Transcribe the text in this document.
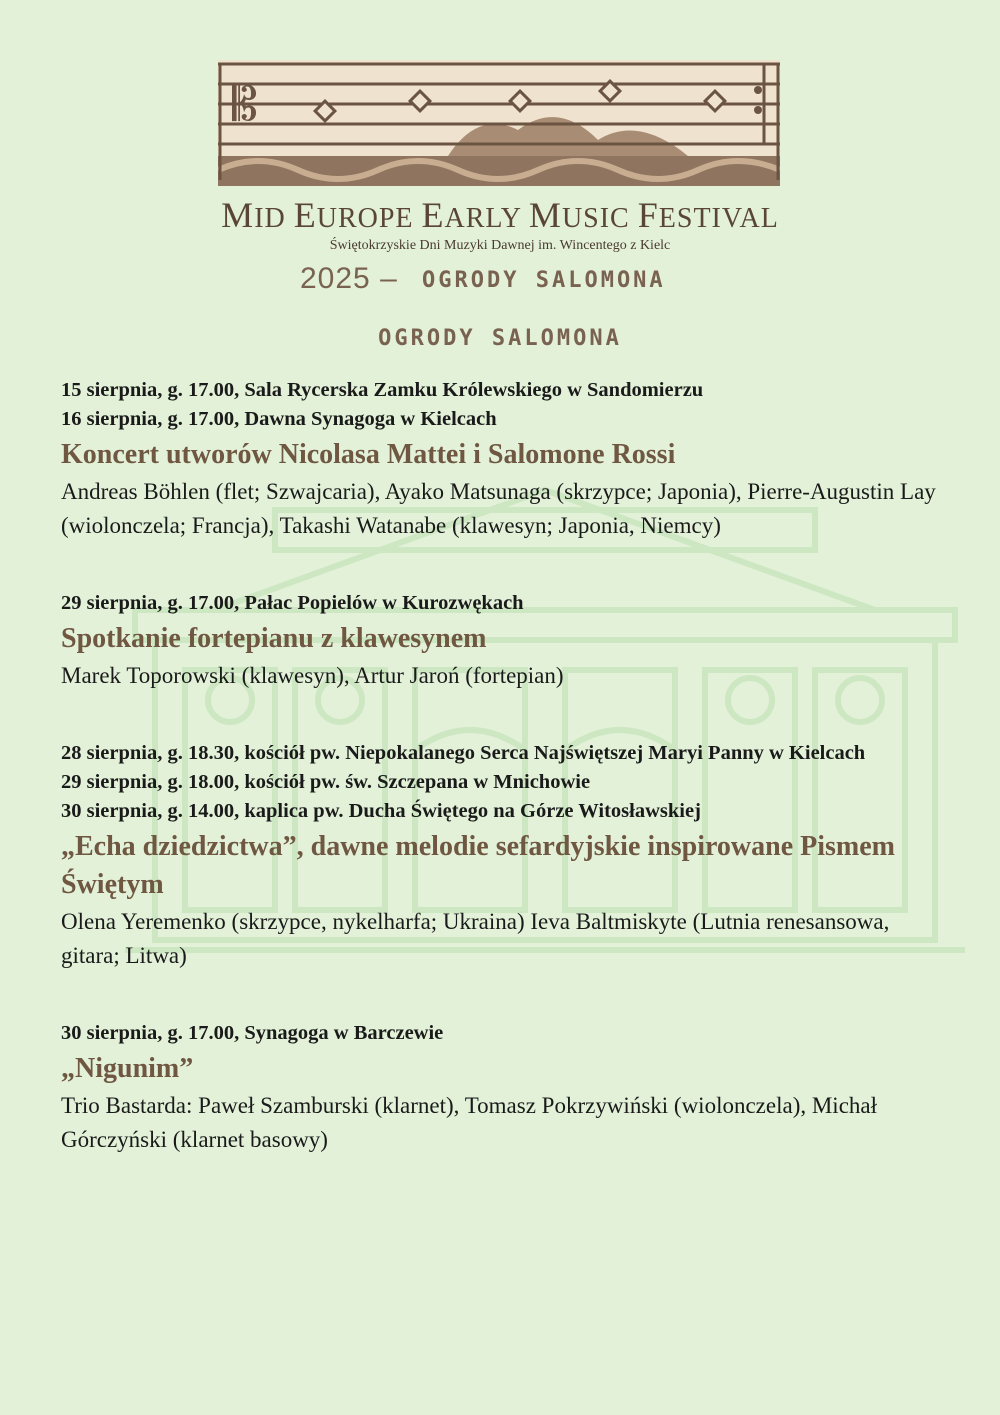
𝄡
MID EUROPE EARLY MUSIC FESTIVAL
Świętokrzyskie Dni Muzyki Dawnej im. Wincentego z Kielc
2025 – OGRODY SALOMONA
OGRODY SALOMONA
15 sierpnia, g. 17.00, Sala Rycerska Zamku Królewskiego w Sandomierzu
16 sierpnia, g. 17.00, Dawna Synagoga w Kielcach
Koncert utworów Nicolasa Mattei i Salomone Rossi
Andreas Böhlen (flet; Szwajcaria), Ayako Matsunaga (skrzypce; Japonia), Pierre-Augustin Lay (wiolonczela; Francja), Takashi Watanabe (klawesyn; Japonia, Niemcy)
29 sierpnia, g. 17.00, Pałac Popielów w Kurozwękach
Spotkanie fortepianu z klawesynem
Marek Toporowski (klawesyn), Artur Jaroń (fortepian)
28 sierpnia, g. 18.30, kościół pw. Niepokalanego Serca Najświętszej Maryi Panny w Kielcach
29 sierpnia, g. 18.00, kościół pw. św. Szczepana w Mnichowie
30 sierpnia, g. 14.00, kaplica pw. Ducha Świętego na Górze Witosławskiej
„Echa dziedzictwa”, dawne melodie sefardyjskie inspirowane Pismem Świętym
Olena Yeremenko (skrzypce, nykelharfa; Ukraina) Ieva Baltmiskyte (Lutnia renesansowa, gitara; Litwa)
30 sierpnia, g. 17.00, Synagoga w Barczewie
„Nigunim”
Trio Bastarda: Paweł Szamburski (klarnet), Tomasz Pokrzywiński (wiolonczela), Michał Górczyński (klarnet basowy)
